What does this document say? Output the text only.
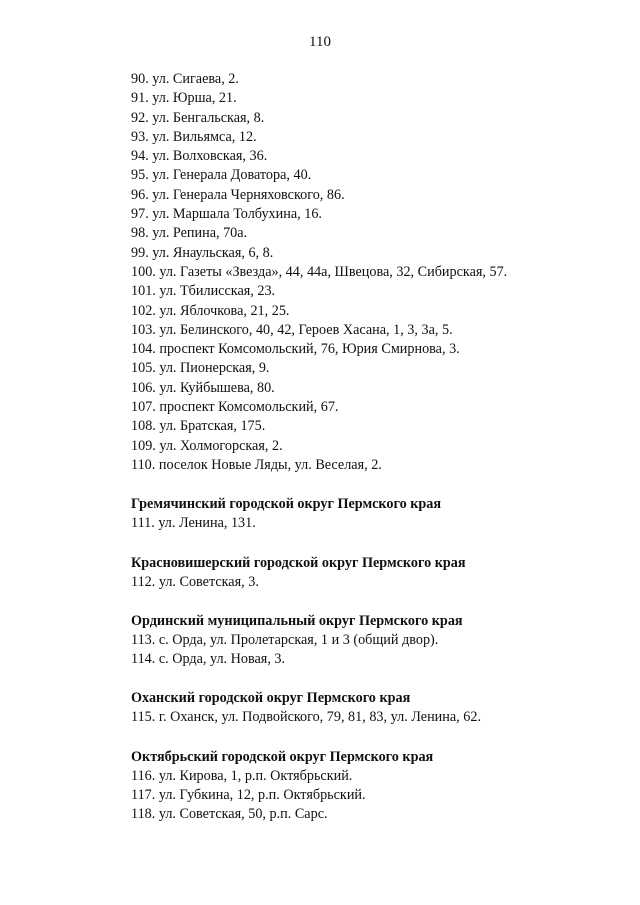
110
90. ул. Сигаева, 2.
91. ул. Юрша, 21.
92. ул. Бенгальская, 8.
93. ул. Вильямса, 12.
94. ул. Волховская, 36.
95. ул. Генерала Доватора, 40.
96. ул. Генерала Черняховского, 86.
97. ул. Маршала Толбухина, 16.
98. ул. Репина, 70а.
99. ул. Янаульская, 6, 8.
100. ул. Газеты «Звезда», 44, 44а, Швецова, 32, Сибирская, 57.
101. ул. Тбилисская, 23.
102. ул. Яблочкова, 21, 25.
103. ул. Белинского, 40, 42, Героев Хасана, 1, 3, 3а, 5.
104. проспект Комсомольский, 76, Юрия Смирнова, 3.
105. ул. Пионерская, 9.
106. ул. Куйбышева, 80.
107. проспект Комсомольский, 67.
108. ул. Братская, 175.
109. ул. Холмогорская, 2.
110. поселок Новые Ляды, ул. Веселая, 2.
Гремячинский городской округ Пермского края
111. ул. Ленина, 131.
Красновишерский городской округ Пермского края
112. ул. Советская, 3.
Ординский муниципальный округ Пермского края
113. с. Орда, ул. Пролетарская, 1 и 3 (общий двор).
114. с. Орда, ул. Новая, 3.
Оханский городской округ Пермского края
115. г. Оханск, ул. Подвойского, 79, 81, 83, ул. Ленина, 62.
Октябрьский городской округ Пермского края
116. ул. Кирова, 1, р.п. Октябрьский.
117. ул. Губкина, 12, р.п. Октябрьский.
118. ул. Советская, 50, р.п. Сарс.
